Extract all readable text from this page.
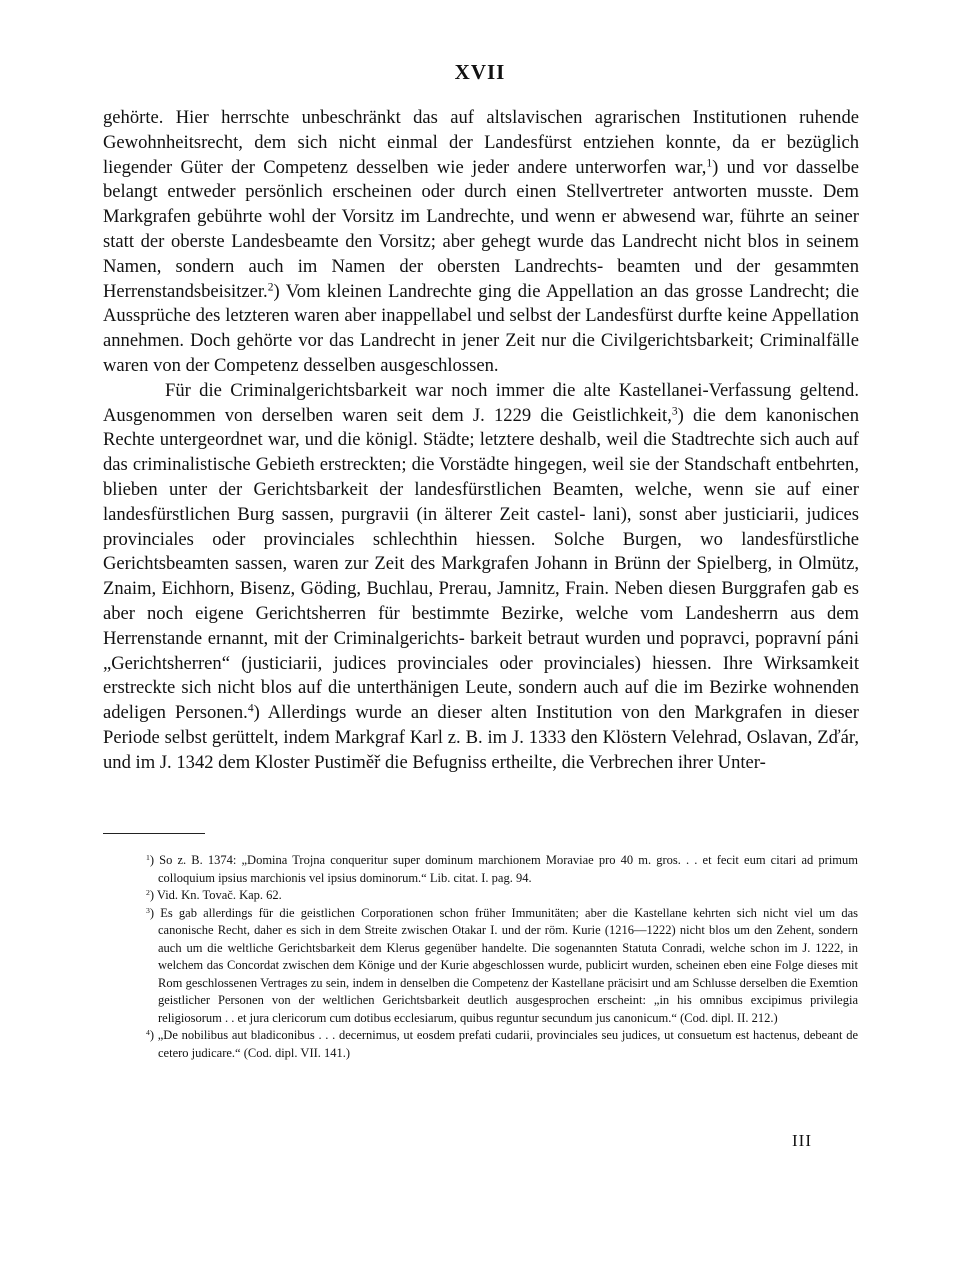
XVII

gehörte. Hier herrschte unbeschränkt das auf altslavischen agrarischen Institutionen ruhende Gewohnheitsrecht, dem sich nicht einmal der Landesfürst entziehen konnte, da er bezüglich liegender Güter der Competenz desselben wie jeder andere unterworfen war,$^1$) und vor dasselbe belangt entweder persönlich erscheinen oder durch einen Stellvertreter antworten musste. Dem Markgrafen gebührte wohl der Vorsitz im Landrechte, und wenn er abwesend war, führte an seiner statt der oberste Landesbeamte den Vorsitz; aber gehegt wurde das Landrecht nicht blos in seinem Namen, sondern auch im Namen der obersten Landrechts- beamten und der gesammten Herrenstandsbeisitzer.$^2$) Vom kleinen Landrechte ging die Appellation an das grosse Landrecht; die Aussprüche des letzteren waren aber inappellabel und selbst der Landesfürst durfte keine Appellation annehmen. Doch gehörte vor das Landrecht in jener Zeit nur die Civilgerichtsbarkeit; Criminalfälle waren von der Competenz desselben ausgeschlossen.

Für die Criminalgerichtsbarkeit war noch immer die alte Kastellanei-Verfassung geltend. Ausgenommen von derselben waren seit dem J. 1229 die Geistlichkeit,$^3$) die dem kanonischen Rechte untergeordnet war, und die königl. Städte; letztere deshalb, weil die Stadtrechte sich auch auf das criminalistische Gebieth erstreckten; die Vorstädte hingegen, weil sie der Standschaft entbehrten, blieben unter der Gerichtsbarkeit der landesfürstlichen Beamten, welche, wenn sie auf einer landesfürstlichen Burg sassen, purgravii (in älterer Zeit castel- lani), sonst aber justiciarii, judices provinciales oder provinciales schlechthin hiessen. Solche Burgen, wo landesfürstliche Gerichtsbeamten sassen, waren zur Zeit des Markgrafen Johann in Brünn der Spielberg, in Olmütz, Znaim, Eichhorn, Bisenz, Göding, Buchlau, Prerau, Jamnitz, Frain. Neben diesen Burggrafen gab es aber noch eigene Gerichtsherren für bestimmte Bezirke, welche vom Landesherrn aus dem Herrenstande ernannt, mit der Criminalgerichts- barkeit betraut wurden und popravci, popravní páni „Gerichtsherren“ (justiciarii, judices provinciales oder provinciales) hiessen. Ihre Wirksamkeit erstreckte sich nicht blos auf die unterthänigen Leute, sondern auch auf die im Bezirke wohnenden adeligen Personen.$^4$) Allerdings wurde an dieser alten Institution von den Markgrafen in dieser Periode selbst gerüttelt, indem Markgraf Karl z. B. im J. 1333 den Klöstern Velehrad, Oslavan, Zďár, und im J. 1342 dem Kloster Pustiměř die Befugniss ertheilte, die Verbrechen ihrer Unter-

$^1$) So z. B. 1374: „Domina Trojna conqueritur super dominum marchionem Moraviae pro 40 m. gros. . . et fecit eum citari ad primum colloquium ipsius marchionis vel ipsius dominorum.“ Lib. citat. I. pag. 94.

$^2$) Vid. Kn. Tovač. Kap. 62.

$^3$) Es gab allerdings für die geistlichen Corporationen schon früher Immunitäten; aber die Kastellane kehrten sich nicht viel um das canonische Recht, daher es sich in dem Streite zwischen Otakar I. und der röm. Kurie (1216—1222) nicht blos um den Zehent, sondern auch um die weltliche Gerichtsbarkeit dem Klerus gegenüber handelte. Die sogenannten Statuta Conradi, welche schon im J. 1222, in welchem das Concordat zwischen dem Könige und der Kurie abgeschlossen wurde, publicirt wurden, scheinen eben eine Folge dieses mit Rom geschlossenen Vertrages zu sein, indem in denselben die Competenz der Kastellane präcisirt und am Schlusse derselben die Exemtion geistlicher Personen von der weltlichen Gerichtsbarkeit deutlich ausgesprochen erscheint: „in his omnibus excipimus privilegia religiosorum . . et jura clericorum cum dotibus ecclesiarum, quibus reguntur secundum jus canonicum.“ (Cod. dipl. II. 212.)

$^4$) „De nobilibus aut bladiconibus . . . decernimus, ut eosdem prefati cudarii, provinciales seu judices, ut consuetum est hactenus, debeant de cetero judicare.“ (Cod. dipl. VII. 141.)

III
